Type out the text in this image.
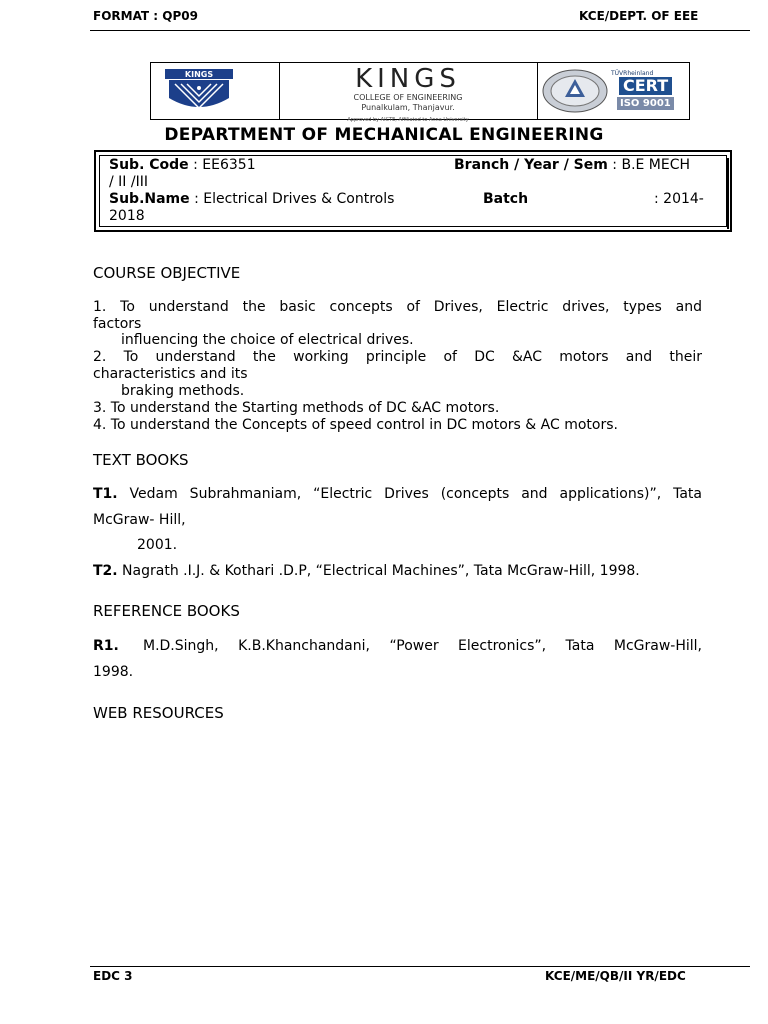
FORMAT : QP09	KCE/DEPT. OF EEE
KINGS	KINGS
COLLEGE OF ENGINEERING
Punalkulam, Thanjavur.
Approved by AICTE, Affiliated to Anna University
TÜVRheinland
CERT
ISO 9001
DEPARTMENT OF MECHANICAL ENGINEERING
Sub. Code : EE6351	Branch / Year / Sem : B.E MECH
/ II /III
Sub.Name : Electrical Drives & Controls	Batch	: 2014-
2018
COURSE OBJECTIVE
1. To understand the basic concepts of Drives, Electric drives, types and
factors
influencing the choice of electrical drives.
2. To understand the working principle of DC &AC motors and their
characteristics and its
braking methods.
3. To understand the Starting methods of DC &AC motors.
4. To understand the Concepts of speed control in DC motors & AC motors.
TEXT BOOKS
T1. Vedam Subrahmaniam, “Electric Drives (concepts and applications)”, Tata
McGraw- Hill,
2001.
T2. Nagrath .I.J. & Kothari .D.P, “Electrical Machines”, Tata McGraw-Hill, 1998.
REFERENCE BOOKS
R1.	M.D.Singh, K.B.Khanchandani, “Power Electronics”, Tata McGraw-Hill,
1998.
WEB RESOURCES
EDC 3	KCE/ME/QB/II YR/EDC
